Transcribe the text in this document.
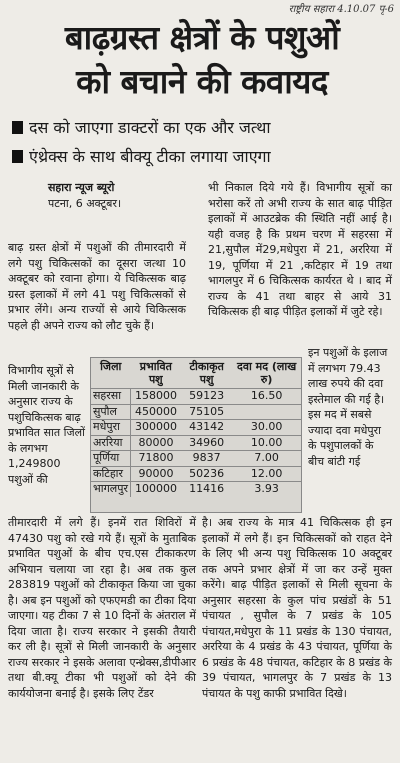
राष्ट्रीय सहारा 4.10.07 पृ-6
बाढ़ग्रस्त क्षेत्रों के पशुओं
को बचाने की कवायद
दस को जाएगा डाक्टरों का एक और जत्था
एंथ्रेक्स के साथ बीक्यू टीका लगाया जाएगा
सहारा न्यूज ब्यूरो
पटना, 6 अक्टूबर।

बाढ़ ग्रस्त क्षेत्रों में पशुओं की तीमारदारी में लगे पशु चिकित्सकों का दूसरा जत्था 10 अक्टूबर को रवाना होगा। ये चिकित्सक बाढ़ ग्रस्त इलाकों में लगे 41 पशु चिकित्सकों से प्रभार लेंगे। अन्य राज्यों से आये चिकित्सक पहले ही अपने राज्य को लौट चुके हैं।

भी निकाल दिये गये हैं। विभागीय सूत्रों का भरोसा करें तो अभी राज्य के सात बाढ़ पीड़ित इलाकों में आउटब्रेक की स्थिति नहीं आई है। यही वजह है कि प्रथम चरण में सहरसा में 21,सुपौल में29,मधेपुरा में 21, अररिया में 19, पूर्णिया में 21 ,कटिहार में 19 तथा भागलपुर में 6 चिकित्सक कार्यरत थे । बाद में राज्य के 41 तथा बाहर से आये 31 चिकित्सक ही बाढ़ पीड़ित इलाकों में जुटे रहे।

विभागीय सूत्रों से मिली जानकारी के अनुसार राज्य के पशुचिकित्सक बाढ़ प्रभावित सात जिलों के लगभग 1,249800 पशुओं की

इन पशुओं के इलाज में लगभग 79.43 लाख रुपये की दवा इस्तेमाल की गई है। इस मद में सबसे ज्यादा दवा मधेपुरा के पशुपालकों के बीच बांटी गई

जिला	प्रभावित पशु	टीकाकृत पशु	दवा मद (लाख रु)
सहरसा	158000	59123	16.50
सुपौल	450000	75105	
मधेपुरा	300000	43142	30.00
अररिया	80000	34960	10.00
पूर्णिया	71800	9837	7.00
कटिहार	90000	50236	12.00
भागलपुर	100000	11416	3.93

तीमारदारी में लगे हैं। इनमें रात शिविरों में 47430 पशु को रखे गये हैं। सूत्रों के मुताबिक प्रभावित पशुओं के बीच एच.एस टीकाकरण अभियान चलाया जा रहा है। अब तक कुल 283819 पशुओं को टीकाकृत किया जा चुका है। अब इन पशुओं को एफएमडी का टीका दिया जाएगा। यह टीका 7 से 10 दिनों के अंतराल में दिया जाता है। राज्य सरकार ने इसकी तैयारी कर ली है। सूत्रों से मिली जानकारी के अनुसार राज्य सरकार ने इसके अलावा एन्थ्रेक्स,डीपीआर तथा बी.क्यू टीका भी पशुओं को देने की कार्ययोजना बनाई है। इसके लिए टेंडर

है। अब राज्य के मात्र 41 चिकित्सक ही इन इलाकों में लगे हैं। इन चिकित्सकों को राहत देने के लिए भी अन्य पशु चिकित्सक 10 अक्टूबर तक अपने प्रभार क्षेत्रों में जा कर उन्हें मुक्त करेंगे। बाढ़ पीड़ित इलाकों से मिली सूचना के अनुसार सहरसा के कुल पांच प्रखंडों के 51 पंचायत , सुपौल के 7 प्रखंड के 105 पंचायत,मधेपुरा के 11 प्रखंड के 130 पंचायत, अररिया के 4 प्रखंड के 43 पंचायत, पूर्णिया के 6 प्रखंड के 48 पंचायत, कटिहार के 8 प्रखंड के 39 पंचायत, भागलपुर के 7 प्रखंड के 13 पंचायत के पशु काफी प्रभावित दिखे।
